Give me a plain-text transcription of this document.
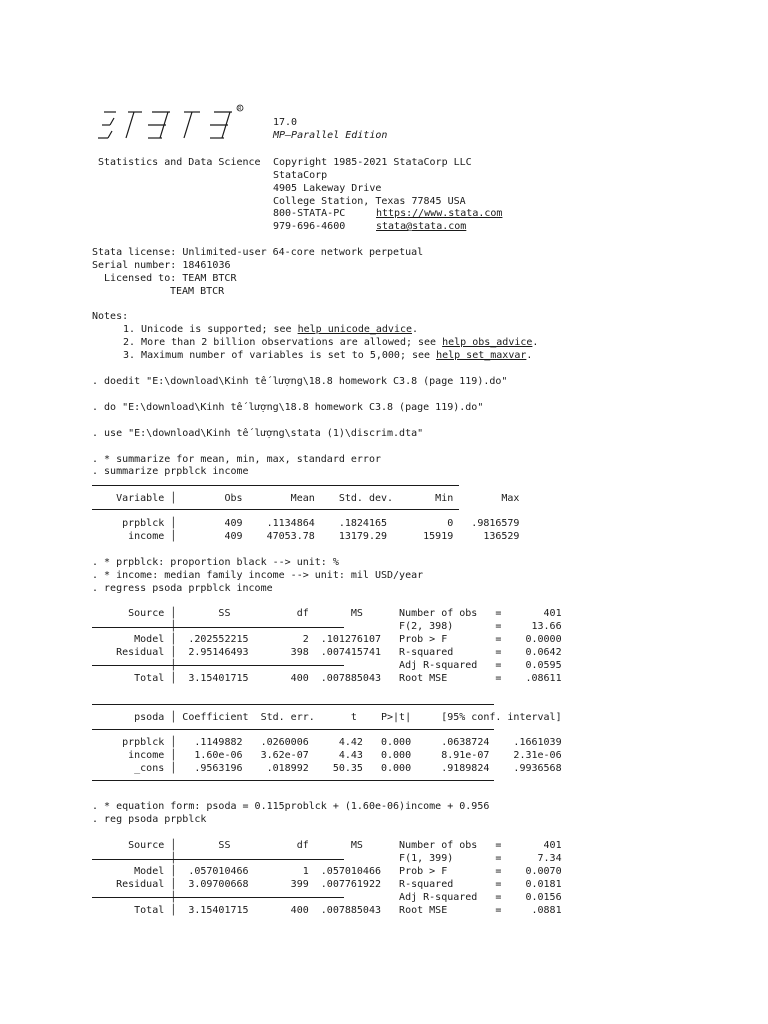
R
17.0
MP—Parallel Edition
Statistics and Data Science Copyright 1985-2021 StataCorp LLC
StataCorp
4905 Lakeway Drive
College Station, Texas 77845 USA
800-STATA-PC	https://www.stata.com
979-696-4600	stata@stata.com
Stata license: Unlimited-user 64-core network perpetual
Serial number: 18461036
Licensed to: TEAM BTCR
TEAM BTCR
Notes:
1. Unicode is supported; see help unicode_advice.
2. More than 2 billion observations are allowed; see help obs_advice.
3. Maximum number of variables is set to 5,000; see help set_maxvar.
. doedit "E:\download\Kinh tế lượng\18.8 homework C3.8 (page 119).do"
. do "E:\download\Kinh tế lượng\18.8 homework C3.8 (page 119).do"
. use "E:\download\Kinh tế lượng\stata (1)\discrim.dta"
. * summarize for mean, min, max, standard error
. summarize prpblck income
Variable │        Obs        Mean    Std. dev.       Min        Max
prpblck │        409    .1134864    .1824165          0   .9816579
income │        409    47053.78    13179.29      15919     136529
. * prpblck: proportion black --> unit: %
. * income: median family income --> unit: mil USD/year
. regress psoda prpblck income
Source │       SS           df       MS      Number of obs   =       401
│                                     F(2, 398)       =     13.66
Model │  .202552215         2  .101276107   Prob > F        =    0.0000
Residual │  2.95146493       398  .007415741   R-squared       =    0.0642
│                                     Adj R-squared   =    0.0595
Total │  3.15401715       400  .007885043   Root MSE        =    .08611
psoda │ Coefficient  Std. err.      t    P>|t|     [95% conf. interval]
prpblck │   .1149882   .0260006     4.42   0.000     .0638724    .1661039
income │   1.60e-06   3.62e-07     4.43   0.000     8.91e-07    2.31e-06
_cons │   .9563196    .018992    50.35   0.000     .9189824    .9936568
. * equation form: psoda = 0.115problck + (1.60e-06)income + 0.956
. reg psoda prpblck
Source │       SS           df       MS      Number of obs   =       401
│                                     F(1, 399)       =      7.34
Model │  .057010466         1  .057010466   Prob > F        =    0.0070
Residual │  3.09700668       399  .007761922   R-squared       =    0.0181
│                                     Adj R-squared   =    0.0156
Total │  3.15401715       400  .007885043   Root MSE        =     .0881
